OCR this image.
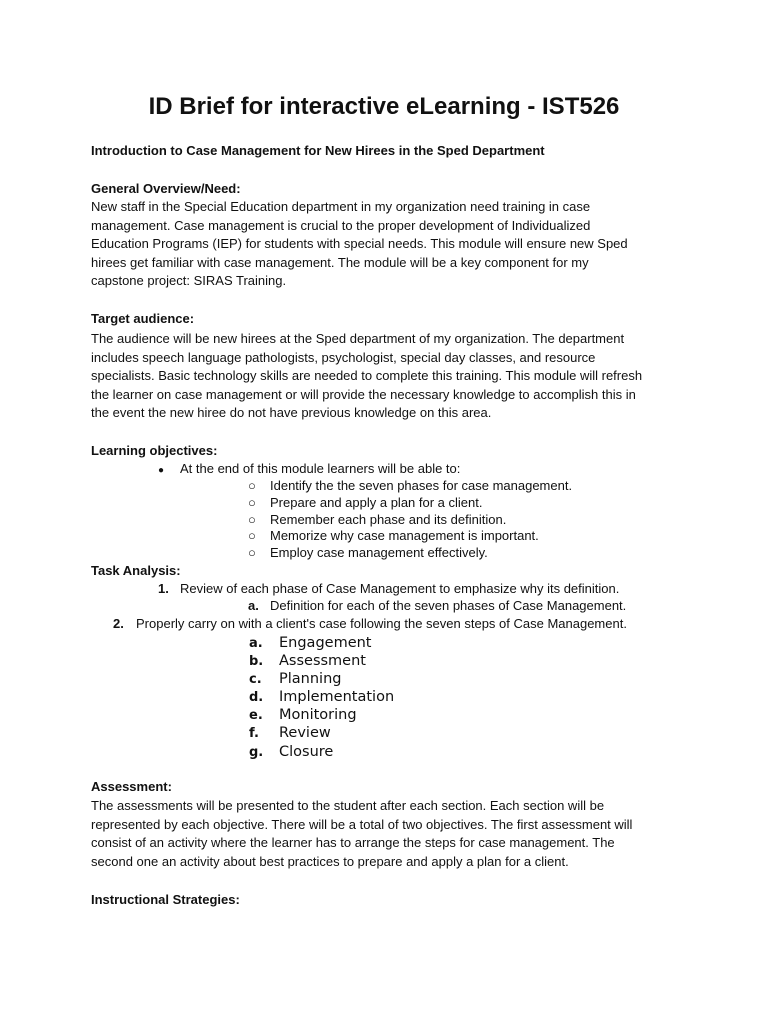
ID Brief for interactive eLearning - IST526
Introduction to Case Management for New Hirees in the Sped Department
General Overview/Need:
New staff in the Special Education department in my organization need training in case
management. Case management is crucial to the proper development of Individualized
Education Programs (IEP) for students with special needs. This module will ensure new Sped
hirees get familiar with case management. The module will be a key component for my
capstone project: SIRAS Training.
Target audience:
The audience will be new hirees at the Sped department of my organization. The department
includes speech language pathologists, psychologist, special day classes, and resource
specialists. Basic technology skills are needed to complete this training. This module will refresh
the learner on case management or will provide the necessary knowledge to accomplish this in
the event the new hiree do not have previous knowledge on this area.
Learning objectives:
● At the end of this module learners will be able to:
○ Identify the the seven phases for case management.
○ Prepare and apply a plan for a client.
○ Remember each phase and its definition.
○ Memorize why case management is important.
○ Employ case management effectively.
Task Analysis:
1. Review of each phase of Case Management to emphasize why its definition.
a. Definition for each of the seven phases of Case Management.
2. Properly carry on with a client's case following the seven steps of Case Management.
a. Engagement
b. Assessment
c. Planning
d. Implementation
e. Monitoring
f. Review
g. Closure
Assessment:
The assessments will be presented to the student after each section. Each section will be
represented by each objective. There will be a total of two objectives. The first assessment will
consist of an activity where the learner has to arrange the steps for case management. The
second one an activity about best practices to prepare and apply a plan for a client.
Instructional Strategies:
